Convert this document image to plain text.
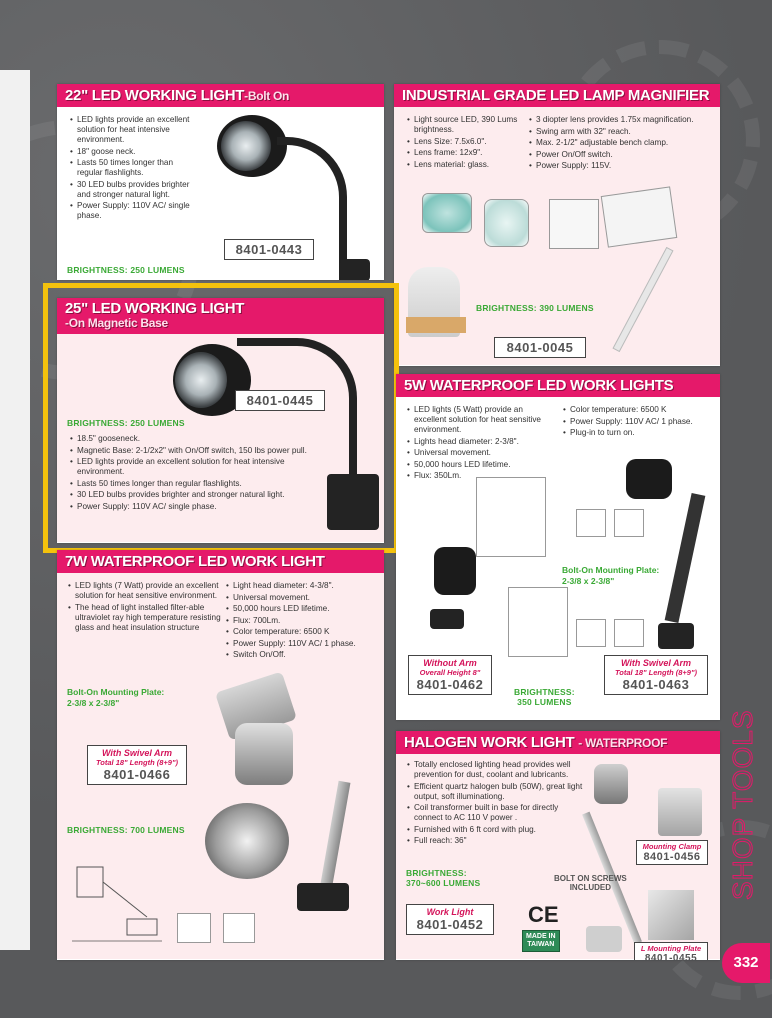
22" LED WORKING LIGHT-Bolt On
• LED lights provide an excellent solution for heat intensive environment.
• 18" goose neck.
• Lasts 50 times longer than regular flashlights.
• 30 LED bulbs provides brighter and stronger natural light.
• Power Supply: 110V AC/ single phase.
8401-0443
BRIGHTNESS: 250 LUMENS
INDUSTRIAL GRADE LED LAMP MAGNIFIER
• Light source LED, 390 Lums brightness.
• Lens Size: 7.5x6.0".
• Lens frame: 12x9".
• Lens material: glass.
• 3 diopter lens provides 1.75x magnification.
• Swing arm with 32" reach.
• Max. 2-1/2" adjustable bench clamp.
• Power On/Off switch.
• Power Supply: 115V.
BRIGHTNESS: 390 LUMENS
8401-0045
25" LED WORKING LIGHT
-On Magnetic Base
8401-0445
BRIGHTNESS: 250 LUMENS
• 18.5" gooseneck.
• Magnetic Base: 2-1/2x2" with On/Off switch, 150 lbs power pull.
• LED lights provide an excellent solution for heat intensive environment.
• Lasts 50 times longer than regular flashlights.
• 30 LED bulbs provides brighter and stronger natural light.
• Power Supply: 110V AC/ single phase.
5W WATERPROOF LED WORK LIGHTS
• LED lights (5 Watt) provide an excellent solution for heat sensitive environment.
• Lights head diameter: 2-3/8".
• Universal movement.
• 50,000 hours LED lifetime.
• Flux: 350Lm.
• Color temperature: 6500 K
• Power Supply: 110V AC/ 1 phase.
• Plug-in to turn on.
Bolt-On Mounting Plate:
2-3/8 x 2-3/8"
Without Arm
Overall Height 8"
8401-0462	BRIGHTNESS:
350 LUMENS
With Swivel Arm
Total 18" Length (8+9")
8401-0463
7W WATERPROOF LED WORK LIGHT
• LED lights (7 Watt) provide an excellent solution for heat sensitive environment.
• The head of light installed filter-able ultraviolet ray high temperature resisting glass and heat insulation structure
• Light head diameter: 4-3/8".
• Universal movement.
• 50,000 hours LED lifetime.
• Flux: 700Lm.
• Color temperature: 6500 K
• Power Supply: 110V AC/ 1 phase.
• Switch On/Off.
Bolt-On Mounting Plate:
2-3/8 x 2-3/8"
With Swivel Arm
Total 18" Length (8+9")
8401-0466
BRIGHTNESS: 700 LUMENS
HALOGEN WORK LIGHT - WATERPROOF
• Totally enclosed lighting head provides well prevention for dust, coolant and lubricants.
• Efficient quartz halogen bulb (50W), great light output, soft illuminationg.
• Coil transformer built in base for directly connect to AC 110 V power .
• Furnished with 6 ft cord with plug.
• Full reach: 36"
BRIGHTNESS:
370~600 LUMENS
Work Light
8401-0452 CE
MADE IN
TAIWAN
Mounting Clamp
8401-0456
BOLT ON SCREWS
INCLUDED
L Mounting Plate
8401-0455
SHOP TOOLS
332
